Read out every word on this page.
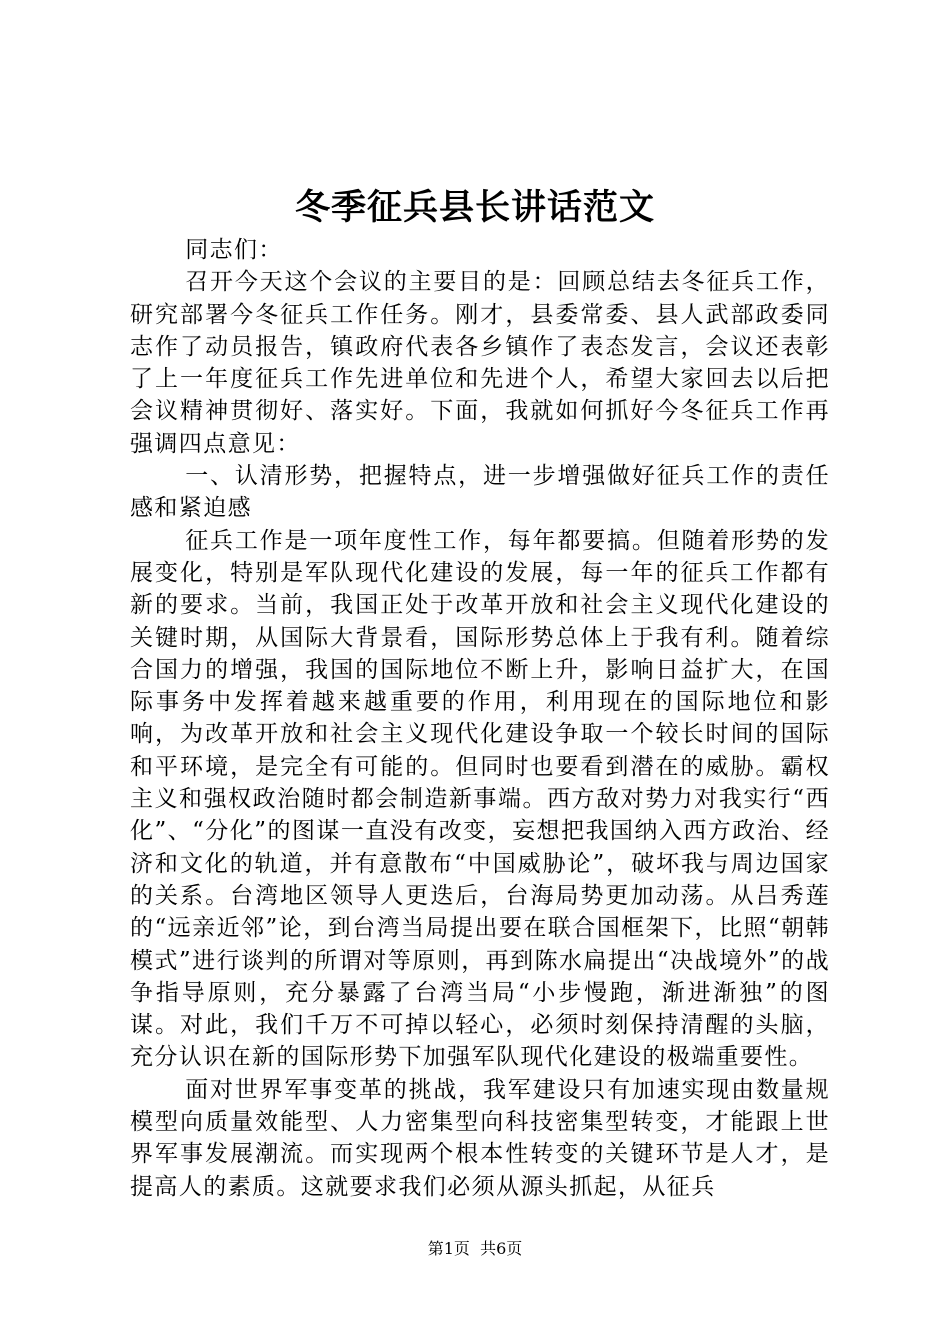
冬季征兵县长讲话范文

同志们：

召开今天这个会议的主要目的是：回顾总结去冬征兵工作，研究部署今冬征兵工作任务。刚才，县委常委、县人武部政委同志作了动员报告，镇政府代表各乡镇作了表态发言，会议还表彰了上一年度征兵工作先进单位和先进个人，希望大家回去以后把会议精神贯彻好、落实好。下面，我就如何抓好今冬征兵工作再强调四点意见：

一、认清形势，把握特点，进一步增强做好征兵工作的责任感和紧迫感

征兵工作是一项年度性工作，每年都要搞。但随着形势的发展变化，特别是军队现代化建设的发展，每一年的征兵工作都有新的要求。当前，我国正处于改革开放和社会主义现代化建设的关键时期，从国际大背景看，国际形势总体上于我有利。随着综合国力的增强，我国的国际地位不断上升，影响日益扩大，在国际事务中发挥着越来越重要的作用，利用现在的国际地位和影响，为改革开放和社会主义现代化建设争取一个较长时间的国际和平环境，是完全有可能的。但同时也要看到潜在的威胁。霸权主义和强权政治随时都会制造新事端。西方敌对势力对我实行“西化”、“分化”的图谋一直没有改变，妄想把我国纳入西方政治、经济和文化的轨道，并有意散布“中国威胁论”，破坏我与周边国家的关系。台湾地区领导人更迭后，台海局势更加动荡。从吕秀莲的“远亲近邻”论，到台湾当局提出要在联合国框架下，比照“朝韩模式”进行谈判的所谓对等原则，再到陈水扁提出“决战境外”的战争指导原则，充分暴露了台湾当局“小步慢跑，渐进渐独”的图谋。对此，我们千万不可掉以轻心，必须时刻保持清醒的头脑，充分认识在新的国际形势下加强军队现代化建设的极端重要性。

面对世界军事变革的挑战，我军建设只有加速实现由数量规模型向质量效能型、人力密集型向科技密集型转变，才能跟上世界军事发展潮流。而实现两个根本性转变的关键环节是人才，是提高人的素质。这就要求我们必须从源头抓起，从征兵

第1页 共6页
